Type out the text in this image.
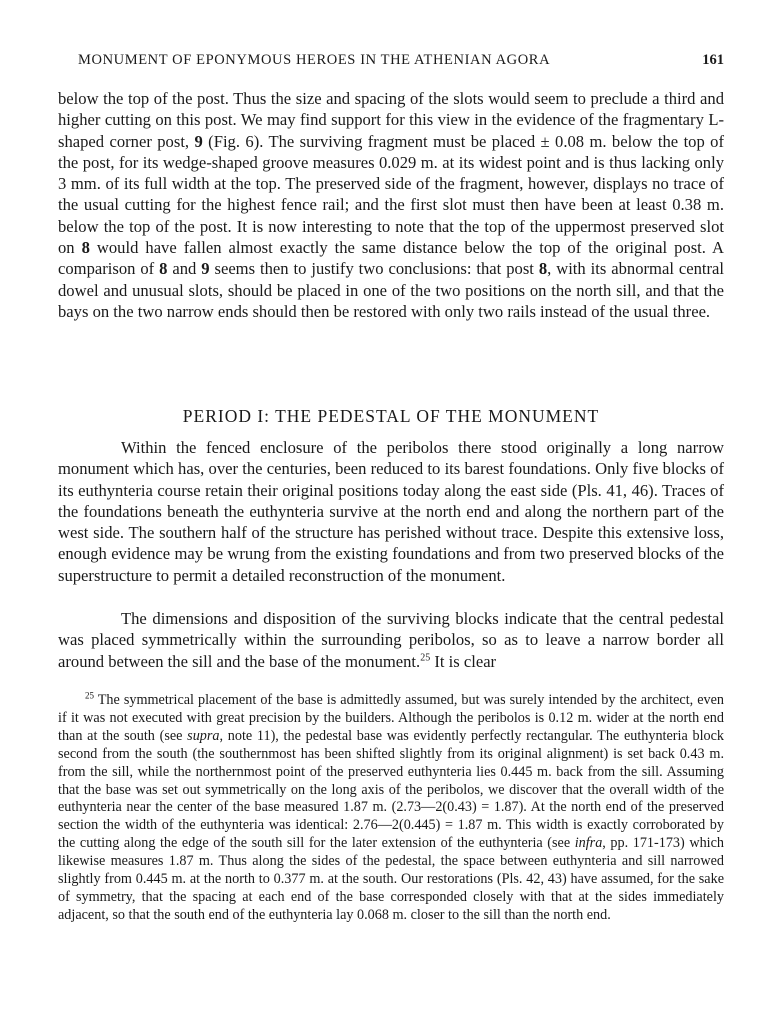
MONUMENT OF EPONYMOUS HEROES IN THE ATHENIAN AGORA	161

below the top of the post. Thus the size and spacing of the slots would seem to preclude a third and higher cutting on this post. We may find support for this view in the evidence of the fragmentary L-shaped corner post, 9 (Fig. 6). The surviving fragment must be placed ± 0.08 m. below the top of the post, for its wedge-shaped groove measures 0.029 m. at its widest point and is thus lacking only 3 mm. of its full width at the top. The preserved side of the fragment, however, displays no trace of the usual cutting for the highest fence rail; and the first slot must then have been at least 0.38 m. below the top of the post. It is now interesting to note that the top of the uppermost preserved slot on 8 would have fallen almost exactly the same distance below the top of the original post. A comparison of 8 and 9 seems then to justify two conclusions: that post 8, with its abnormal central dowel and unusual slots, should be placed in one of the two positions on the north sill, and that the bays on the two narrow ends should then be restored with only two rails instead of the usual three.

PERIOD I: THE PEDESTAL OF THE MONUMENT

Within the fenced enclosure of the peribolos there stood originally a long narrow monument which has, over the centuries, been reduced to its barest foundations. Only five blocks of its euthynteria course retain their original positions today along the east side (Pls. 41, 46). Traces of the foundations beneath the euthynteria survive at the north end and along the northern part of the west side. The southern half of the structure has perished without trace. Despite this extensive loss, enough evidence may be wrung from the existing foundations and from two preserved blocks of the superstructure to permit a detailed reconstruction of the monument.

The dimensions and disposition of the surviving blocks indicate that the central pedestal was placed symmetrically within the surrounding peribolos, so as to leave a narrow border all around between the sill and the base of the monument.$^{25}$ It is clear

$^{25}$ The symmetrical placement of the base is admittedly assumed, but was surely intended by the architect, even if it was not executed with great precision by the builders. Although the peribolos is 0.12 m. wider at the north end than at the south (see supra, note 11), the pedestal base was evidently perfectly rectangular. The euthynteria block second from the south (the southernmost has been shifted slightly from its original alignment) is set back 0.43 m. from the sill, while the northernmost point of the preserved euthynteria lies 0.445 m. back from the sill. Assuming that the base was set out symmetrically on the long axis of the peribolos, we discover that the overall width of the euthynteria near the center of the base measured 1.87 m. (2.73—2(0.43) = 1.87). At the north end of the preserved section the width of the euthynteria was identical: 2.76—2(0.445) = 1.87 m. This width is exactly corroborated by the cutting along the edge of the south sill for the later extension of the euthynteria (see infra, pp. 171-173) which likewise measures 1.87 m. Thus along the sides of the pedestal, the space between euthynteria and sill narrowed slightly from 0.445 m. at the north to 0.377 m. at the south. Our restorations (Pls. 42, 43) have assumed, for the sake of symmetry, that the spacing at each end of the base corresponded closely with that at the sides immediately adjacent, so that the south end of the euthynteria lay 0.068 m. closer to the sill than the north end.
